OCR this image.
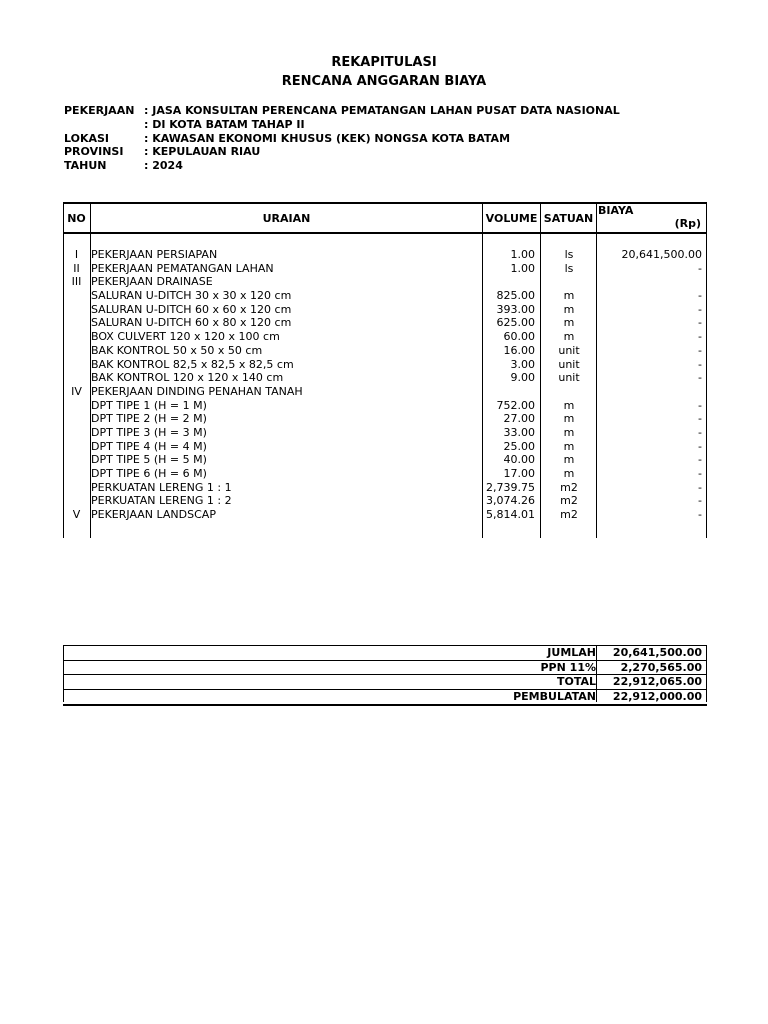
REKAPITULASI
RENCANA ANGGARAN BIAYA
PEKERJAAN : JASA KONSULTAN PERENCANA PEMATANGAN LAHAN PUSAT DATA NASIONAL
: DI KOTA BATAM TAHAP II
LOKASI	: KAWASAN EKONOMI KHUSUS (KEK) NONGSA KOTA BATAM
PROVINSI : KEPULAUAN RIAU
TAHUN	: 2024
NO	URAIAN	VOLUME SATUAN
BIAYA
(Rp)
I	PEKERJAAN PERSIAPAN	1.00	ls	20,641,500.00
II	PEKERJAAN PEMATANGAN LAHAN	1.00	ls	-
III PEKERJAAN DRAINASE
SALURAN U-DITCH 30 x 30 x 120 cm	825.00	m	-
SALURAN U-DITCH 60 x 60 x 120 cm	393.00	m	-
SALURAN U-DITCH 60 x 80 x 120 cm	625.00	m	-
BOX CULVERT 120 x 120 x 100 cm	60.00	m	-
BAK KONTROL 50 x 50 x 50 cm	16.00	unit	-
BAK KONTROL 82,5 x 82,5 x 82,5 cm	3.00	unit	-
BAK KONTROL 120 x 120 x 140 cm	9.00	unit	-
IV PEKERJAAN DINDING PENAHAN TANAH
DPT TIPE 1 (H = 1 M)	752.00	m	-
DPT TIPE 2 (H = 2 M)	27.00	m	-
DPT TIPE 3 (H = 3 M)	33.00	m	-
DPT TIPE 4 (H = 4 M)	25.00	m	-
DPT TIPE 5 (H = 5 M)	40.00	m	-
DPT TIPE 6 (H = 6 M)	17.00	m	-
PERKUATAN LERENG 1 : 1	2,739.75	m2	-
PERKUATAN LERENG 1 : 2	3,074.26	m2	-
V PEKERJAAN LANDSCAP	5,814.01	m2	-
JUMLAH 20,641,500.00
PPN 11% 2,270,565.00
TOTAL 22,912,065.00
PEMBULATAN 22,912,000.00
